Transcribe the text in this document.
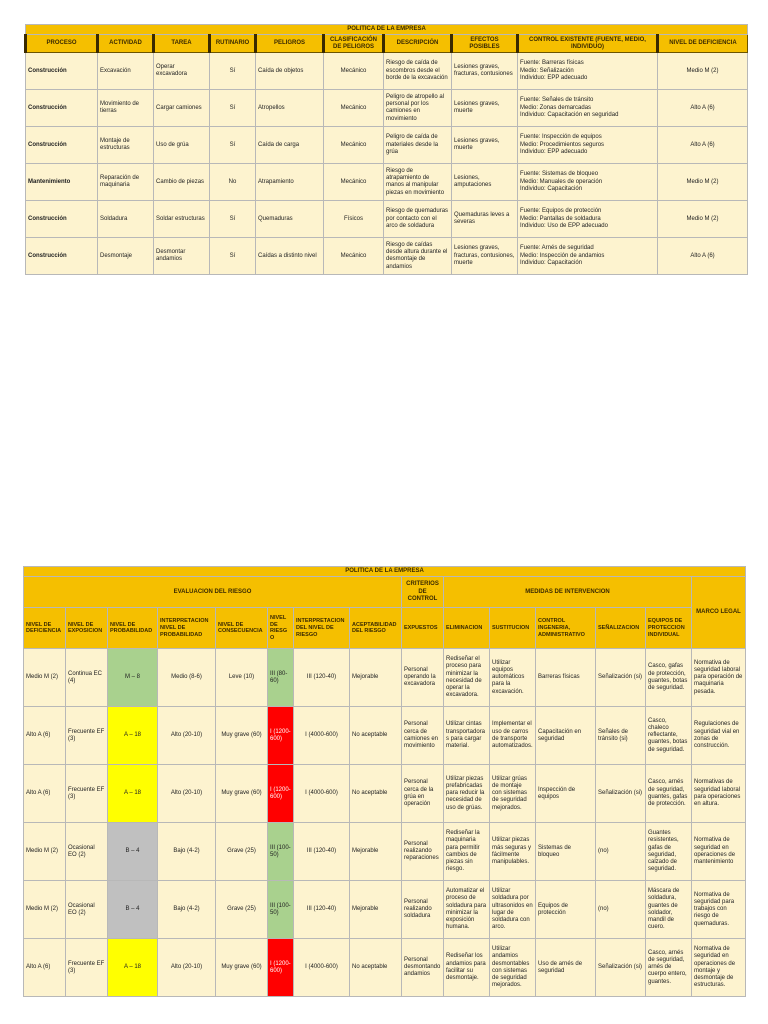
POLITICA DE LA EMPRESA									
PROCESO	ACTIVIDAD	TAREA	RUTINARIO	PELIGROS	CLASIFICACIÓN DE PELIGROS	DESCRIPCIÓN	EFECTOS POSIBLES	CONTROL EXISTENTE (FUENTE, MEDIO, INDIVIDUO)	NIVEL DE DEFICIENCIA
Construcción	Excavación	Operar excavadora	Sí	Caída de objetos	Mecánico	Riesgo de caída de escombros desde el borde de la excavación	Lesiones graves, fracturas, contusiones	Fuente: Barreras físicas
Medio: Señalización
Individuo: EPP adecuado	Medio M (2)
Construcción	Movimiento de tierras	Cargar camiones	Sí	Atropellos	Mecánico	Peligro de atropello al personal por los camiones en movimiento	Lesiones graves, muerte	Fuente: Señales de tránsito
Medio: Zonas demarcadas
Individuo: Capacitación en seguridad	Alto A (6)
Construcción	Montaje de estructuras	Uso de grúa	Sí	Caída de carga	Mecánico	Peligro de caída de materiales desde la grúa	Lesiones graves, muerte	Fuente: Inspección de equipos
Medio: Procedimientos seguros
Individuo: EPP adecuado	Alto A (6)
Mantenimiento	Reparación de maquinaria	Cambio de piezas	No	Atrapamiento	Mecánico	Riesgo de atrapamiento de manos al manipular piezas en movimiento	Lesiones, amputaciones	Fuente: Sistemas de bloqueo
Medio: Manuales de operación
Individuo: Capacitación	Medio M (2)
Construcción	Soldadura	Soldar estructuras	Sí	Quemaduras	Físicos	Riesgo de quemaduras por contacto con el arco de soldadura	Quemaduras leves a severas	Fuente: Equipos de protección
Medio: Pantallas de soldadura
Individuo: Uso de EPP adecuado	Medio M (2)
Construcción	Desmontaje	Desmontar andamios	Sí	Caídas a distinto nivel	Mecánico	Riesgo de caídas desde altura durante el desmontaje de andamios	Lesiones graves, fracturas, contusiones, muerte	Fuente: Arnés de seguridad
Medio: Inspección de andamios
Individuo: Capacitación	Alto A (6)
POLITICA DE LA EMPRESA														
EVALUACION DEL RIESGO								CRITERIOS DE CONTROL	MEDIDAS DE INTERVENCION					MARCO LEGAL
NIVEL DE DEFICIENCIA	NIVEL DE EXPOSICION	NIVEL DE PROBABILIDAD	INTERPRETACION NIVEL DE PROBABILIDAD	NIVEL DE CONSECUENCIA	NIVEL DE RIESGO	INTERPRETACION DEL NIVEL DE RIESGO	ACEPTABILIDAD DEL RIESGO	EXPUESTOS	ELIMINACION	SUSTITUCION	CONTROL INGENERIA, ADMINISTRATIVO	SEÑALIZACION	EQUIPOS DE PROTECCION INDIVIDUAL	
Medio M (2)	Continua EC (4)	M – 8	Medio (8-6)	Leve (10)	III (80-60)	III (120-40)	Mejorable	Personal operando la excavadora	Rediseñar el proceso para minimizar la necesidad de operar la excavadora.	Utilizar equipos automáticos para la excavación.	Barreras físicas	Señalización (si)	Casco, gafas de protección, guantes, botas de seguridad.	Normativa de seguridad laboral para operación de maquinaria pesada.
Alto A (6)	Frecuente EF (3)	A – 18	Alto (20-10)	Muy grave (60)	I (1200-600)	I (4000-600)	No aceptable	Personal cerca de camiones en movimiento	Utilizar cintas transportadoras para cargar material.	Implementar el uso de carros de transporte automatizados.	Capacitación en seguridad	Señales de tránsito (si)	Casco, chaleco reflectante, guantes, botas de seguridad.	Regulaciones de seguridad vial en zonas de construcción.
Alto A (6)	Frecuente EF (3)	A – 18	Alto (20-10)	Muy grave (60)	I (1200-600)	I (4000-600)	No aceptable	Personal cerca de la grúa en operación	Utilizar piezas prefabricadas para reducir la necesidad de uso de grúas.	Utilizar grúas de montaje con sistemas de seguridad mejorados.	Inspección de equipos	Señalización (si)	Casco, arnés de seguridad, guantes, gafas de protección.	Normativas de seguridad laboral para operaciones en altura.
Medio M (2)	Ocasional EO (2)	B – 4	Bajo (4-2)	Grave (25)	III (100-50)	III (120-40)	Mejorable	Personal realizando reparaciones	Rediseñar la maquinaria para permitir cambios de piezas sin riesgo.	Utilizar piezas más seguras y fácilmente manipulables.	Sistemas de bloqueo	(no)	Guantes resistentes, gafas de seguridad, calzado de seguridad.	Normativa de seguridad en operaciones de mantenimiento
Medio M (2)	Ocasional EO (2)	B – 4	Bajo (4-2)	Grave (25)	III (100-50)	III (120-40)	Mejorable	Personal realizando soldadura	Automatizar el proceso de soldadura para minimizar la exposición humana.	Utilizar soldadura por ultrasonidos en lugar de soldadura con arco.	Equipos de protección	(no)	Máscara de soldadura, guantes de soldador, mandil de cuero.	Normativa de seguridad para trabajos con riesgo de quemaduras.
Alto A (6)	Frecuente EF (3)	A – 18	Alto (20-10)	Muy grave (60)	I (1200-600)	I (4000-600)	No aceptable	Personal desmontando andamios	Rediseñar los andamios para facilitar su desmontaje.	Utilizar andamios desmontables con sistemas de seguridad mejorados.	Uso de arnés de seguridad	Señalización (si)	Casco, arnés de seguridad, arnés de cuerpo entero, guantes.	Normativa de seguridad en operaciones de montaje y desmontaje de estructuras.
